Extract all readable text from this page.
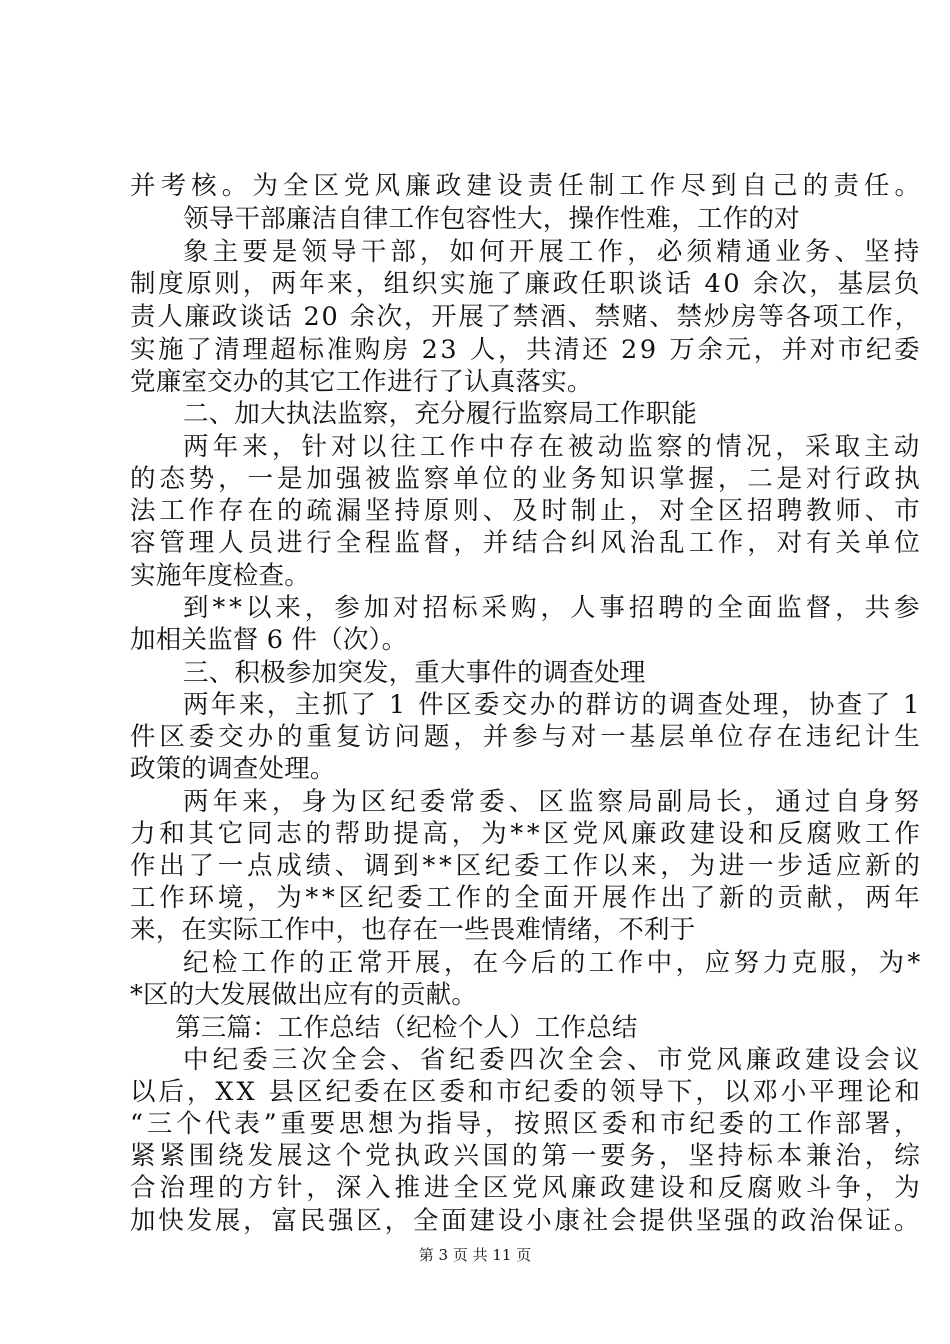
并考核。为全区党风廉政建设责任制工作尽到自己的责任。
领导干部廉洁自律工作包容性大，操作性难，工作的对
象主要是领导干部，如何开展工作，必须精通业务、坚持
制度原则，两年来，组织实施了廉政任职谈话 40 余次，基层负
责人廉政谈话 20 余次，开展了禁酒、禁赌、禁炒房等各项工作，
实施了清理超标准购房 23 人，共清还 29 万余元，并对市纪委
党廉室交办的其它工作进行了认真落实。
二、加大执法监察，充分履行监察局工作职能
两年来，针对以往工作中存在被动监察的情况，采取主动
的态势，一是加强被监察单位的业务知识掌握，二是对行政执
法工作存在的疏漏坚持原则、及时制止，对全区招聘教师、市
容管理人员进行全程监督，并结合纠风治乱工作，对有关单位
实施年度检查。
到**以来，参加对招标采购，人事招聘的全面监督，共参
加相关监督 6 件（次）。
三、积极参加突发，重大事件的调查处理
两年来，主抓了 1 件区委交办的群访的调查处理，协查了 1
件区委交办的重复访问题，并参与对一基层单位存在违纪计生
政策的调查处理。
两年来，身为区纪委常委、区监察局副局长，通过自身努
力和其它同志的帮助提高，为**区党风廉政建设和反腐败工作
作出了一点成绩、调到**区纪委工作以来，为进一步适应新的
工作环境，为**区纪委工作的全面开展作出了新的贡献，两年
来，在实际工作中，也存在一些畏难情绪，不利于
纪检工作的正常开展，在今后的工作中，应努力克服，为*
*区的大发展做出应有的贡献。
第三篇：工作总结（纪检个人）工作总结
中纪委三次全会、省纪委四次全会、市党风廉政建设会议
以后，XX 县区纪委在区委和市纪委的领导下，以邓小平理论和
“三个代表”重要思想为指导，按照区委和市纪委的工作部署，
紧紧围绕发展这个党执政兴国的第一要务，坚持标本兼治，综
合治理的方针，深入推进全区党风廉政建设和反腐败斗争，为
加快发展，富民强区，全面建设小康社会提供坚强的政治保证。
第 3 页 共 11 页
